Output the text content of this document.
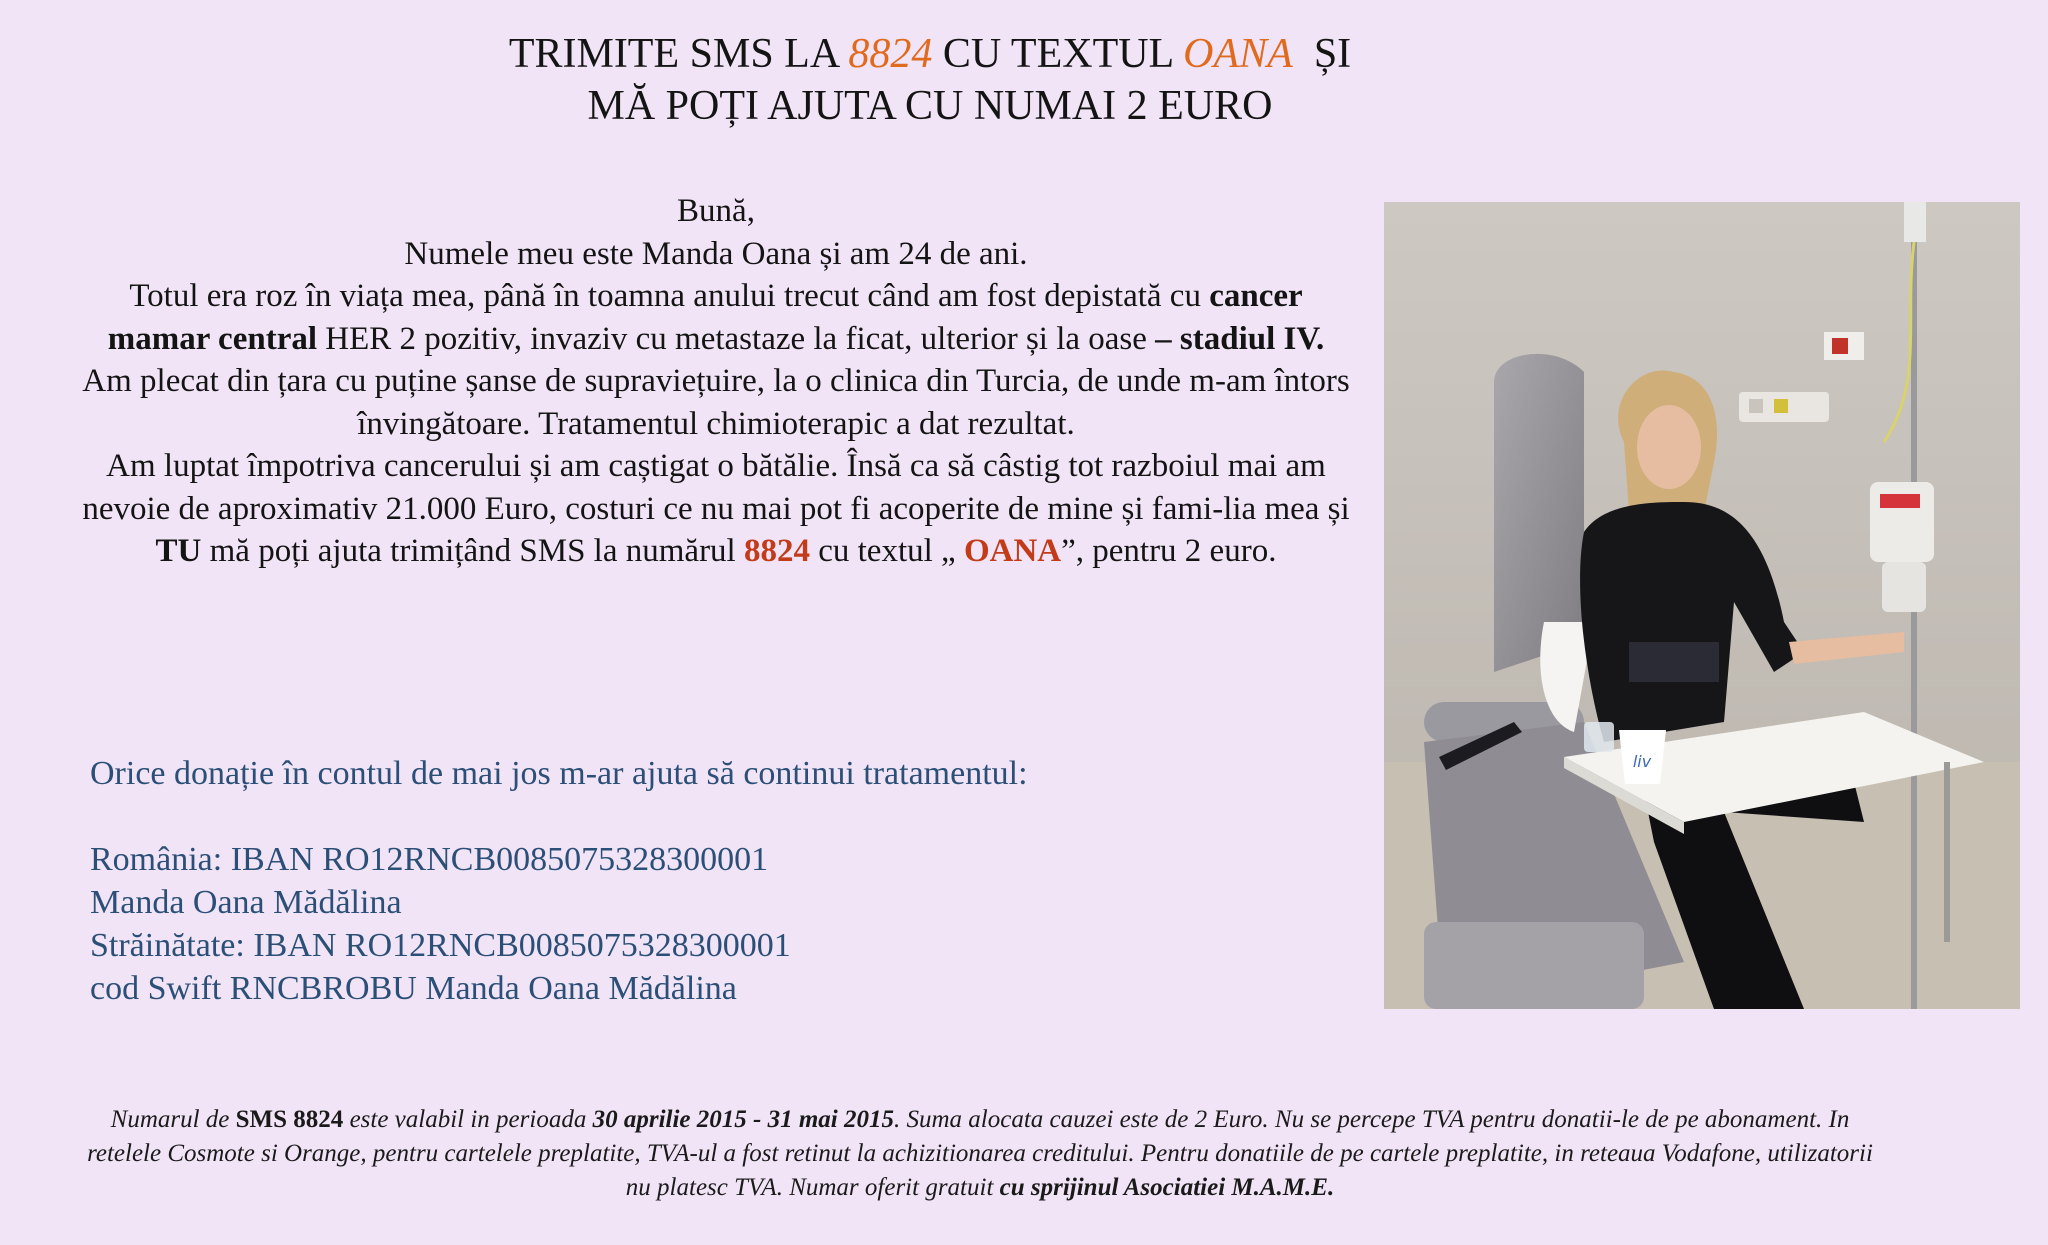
TRIMITE SMS LA 8824 CU TEXTUL OANA  ȘI
MĂ POȚI AJUTA CU NUMAI 2 EURO

Bună,

Numele meu este Manda Oana și am 24 de ani.

Totul era roz în viața mea, până în toamna anului trecut când am fost depistată cu cancer mamar central HER 2 pozitiv, invaziv cu metastaze la ficat, ulterior și la oase – stadiul IV.

Am plecat din țara cu puține șanse de supraviețuire, la o clinica din Turcia, de unde m-am întors învingătoare. Tratamentul chimioterapic a dat rezultat.

Am luptat împotriva cancerului și am caștigat o bătălie. Însă ca să câstig tot razboiul mai am nevoie de aproximativ 21.000 Euro, costuri ce nu mai pot fi acoperite de mine și fami-lia mea și TU mă poți ajuta trimițând SMS la numărul 8824 cu textul „ OANA”, pentru 2 euro.

Orice donație în contul de mai jos m-ar ajuta să continui tratamentul:

România: IBAN RO12RNCB0085075328300001

Manda Oana Mădălina

Străinătate: IBAN RO12RNCB0085075328300001

cod Swift RNCBROBU Manda Oana Mădălina

liv
Numarul de SMS 8824 este valabil in perioada 30 aprilie 2015 - 31 mai 2015. Suma alocata cauzei este de 2 Euro. Nu se percepe TVA pentru donatii-le de pe abonament. In retelele Cosmote si Orange, pentru cartelele preplatite, TVA-ul a fost retinut la achizitionarea creditului. Pentru donatiile de pe cartele preplatite, in reteaua Vodafone, utilizatorii nu platesc TVA. Numar oferit gratuit cu sprijinul Asociatiei M.A.M.E.
